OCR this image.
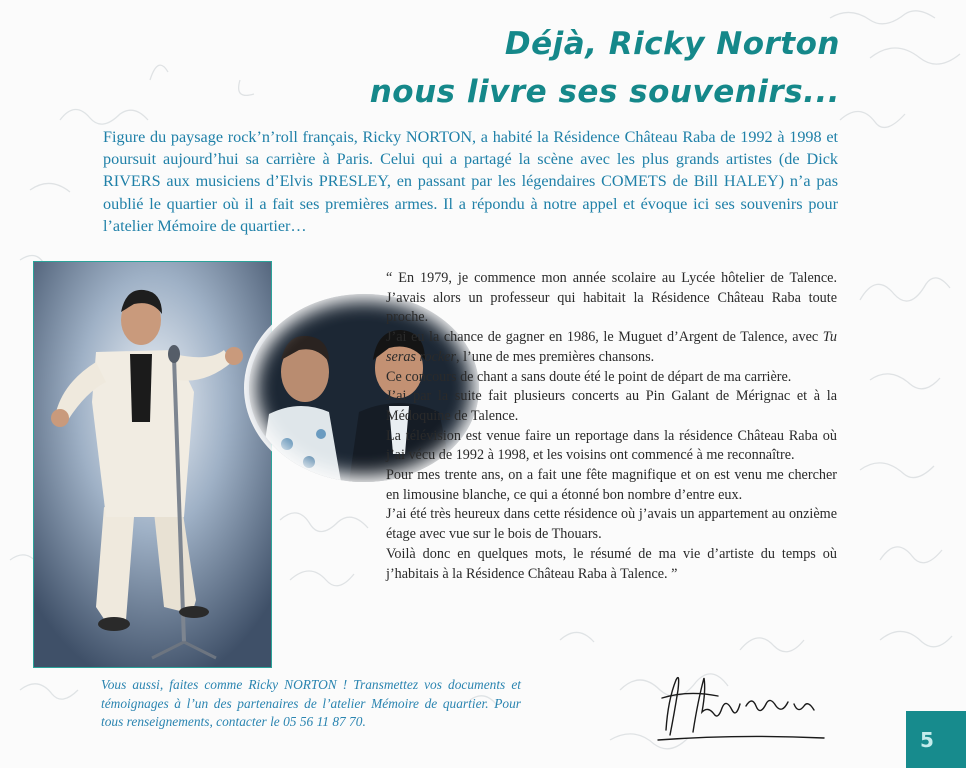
Déjà, Ricky Norton
nous livre ses souvenirs...

Figure du paysage rock’n’roll français, Ricky NORTON, a habité la Résidence Château Raba de 1992 à 1998 et poursuit aujourd’hui sa carrière à Paris. Celui qui a partagé la scène avec les plus grands artistes (de Dick RIVERS aux musiciens d’Elvis PRESLEY, en passant par les légendaires COMETS de Bill HALEY) n’a pas oublié le quartier où il a fait ses premières armes. Il a répondu à notre appel et évoque ici ses souvenirs pour l’atelier Mémoire de quartier…

“ En 1979, je commence mon année scolaire au Lycée hôtelier de Talence. J’avais alors un professeur qui habitait la Résidence Château Raba toute proche.
J’ai eu la chance de gagner en 1986, le Muguet d’Argent de Talence, avec Tu seras rocker, l’une de mes premières chansons.
Ce concours de chant a sans doute été le point de départ de ma carrière.
J’ai par la suite fait plusieurs concerts au Pin Galant de Mérignac et à la Médoquine de Talence.
La télévision est venue faire un reportage dans la résidence Château Raba où j’ai vécu de 1992 à 1998, et les voisins ont commencé à me reconnaître.
Pour mes trente ans, on a fait une fête magnifique et on est venu me chercher en limousine blanche, ce qui a étonné bon nombre d’entre eux.
J’ai été très heureux dans cette résidence où j’avais un appartement au onzième étage avec vue sur le bois de Thouars.
Voilà donc en quelques mots, le résumé de ma vie d’artiste du temps où j’habitais à la Résidence Château Raba à Talence. ”

Vous aussi, faites comme Ricky NORTON ! Transmettez vos documents et témoignages à l’un des partenaires de l’atelier Mémoire de quartier. Pour tous renseignements, contacter le 05 56 11 87 70.

5
